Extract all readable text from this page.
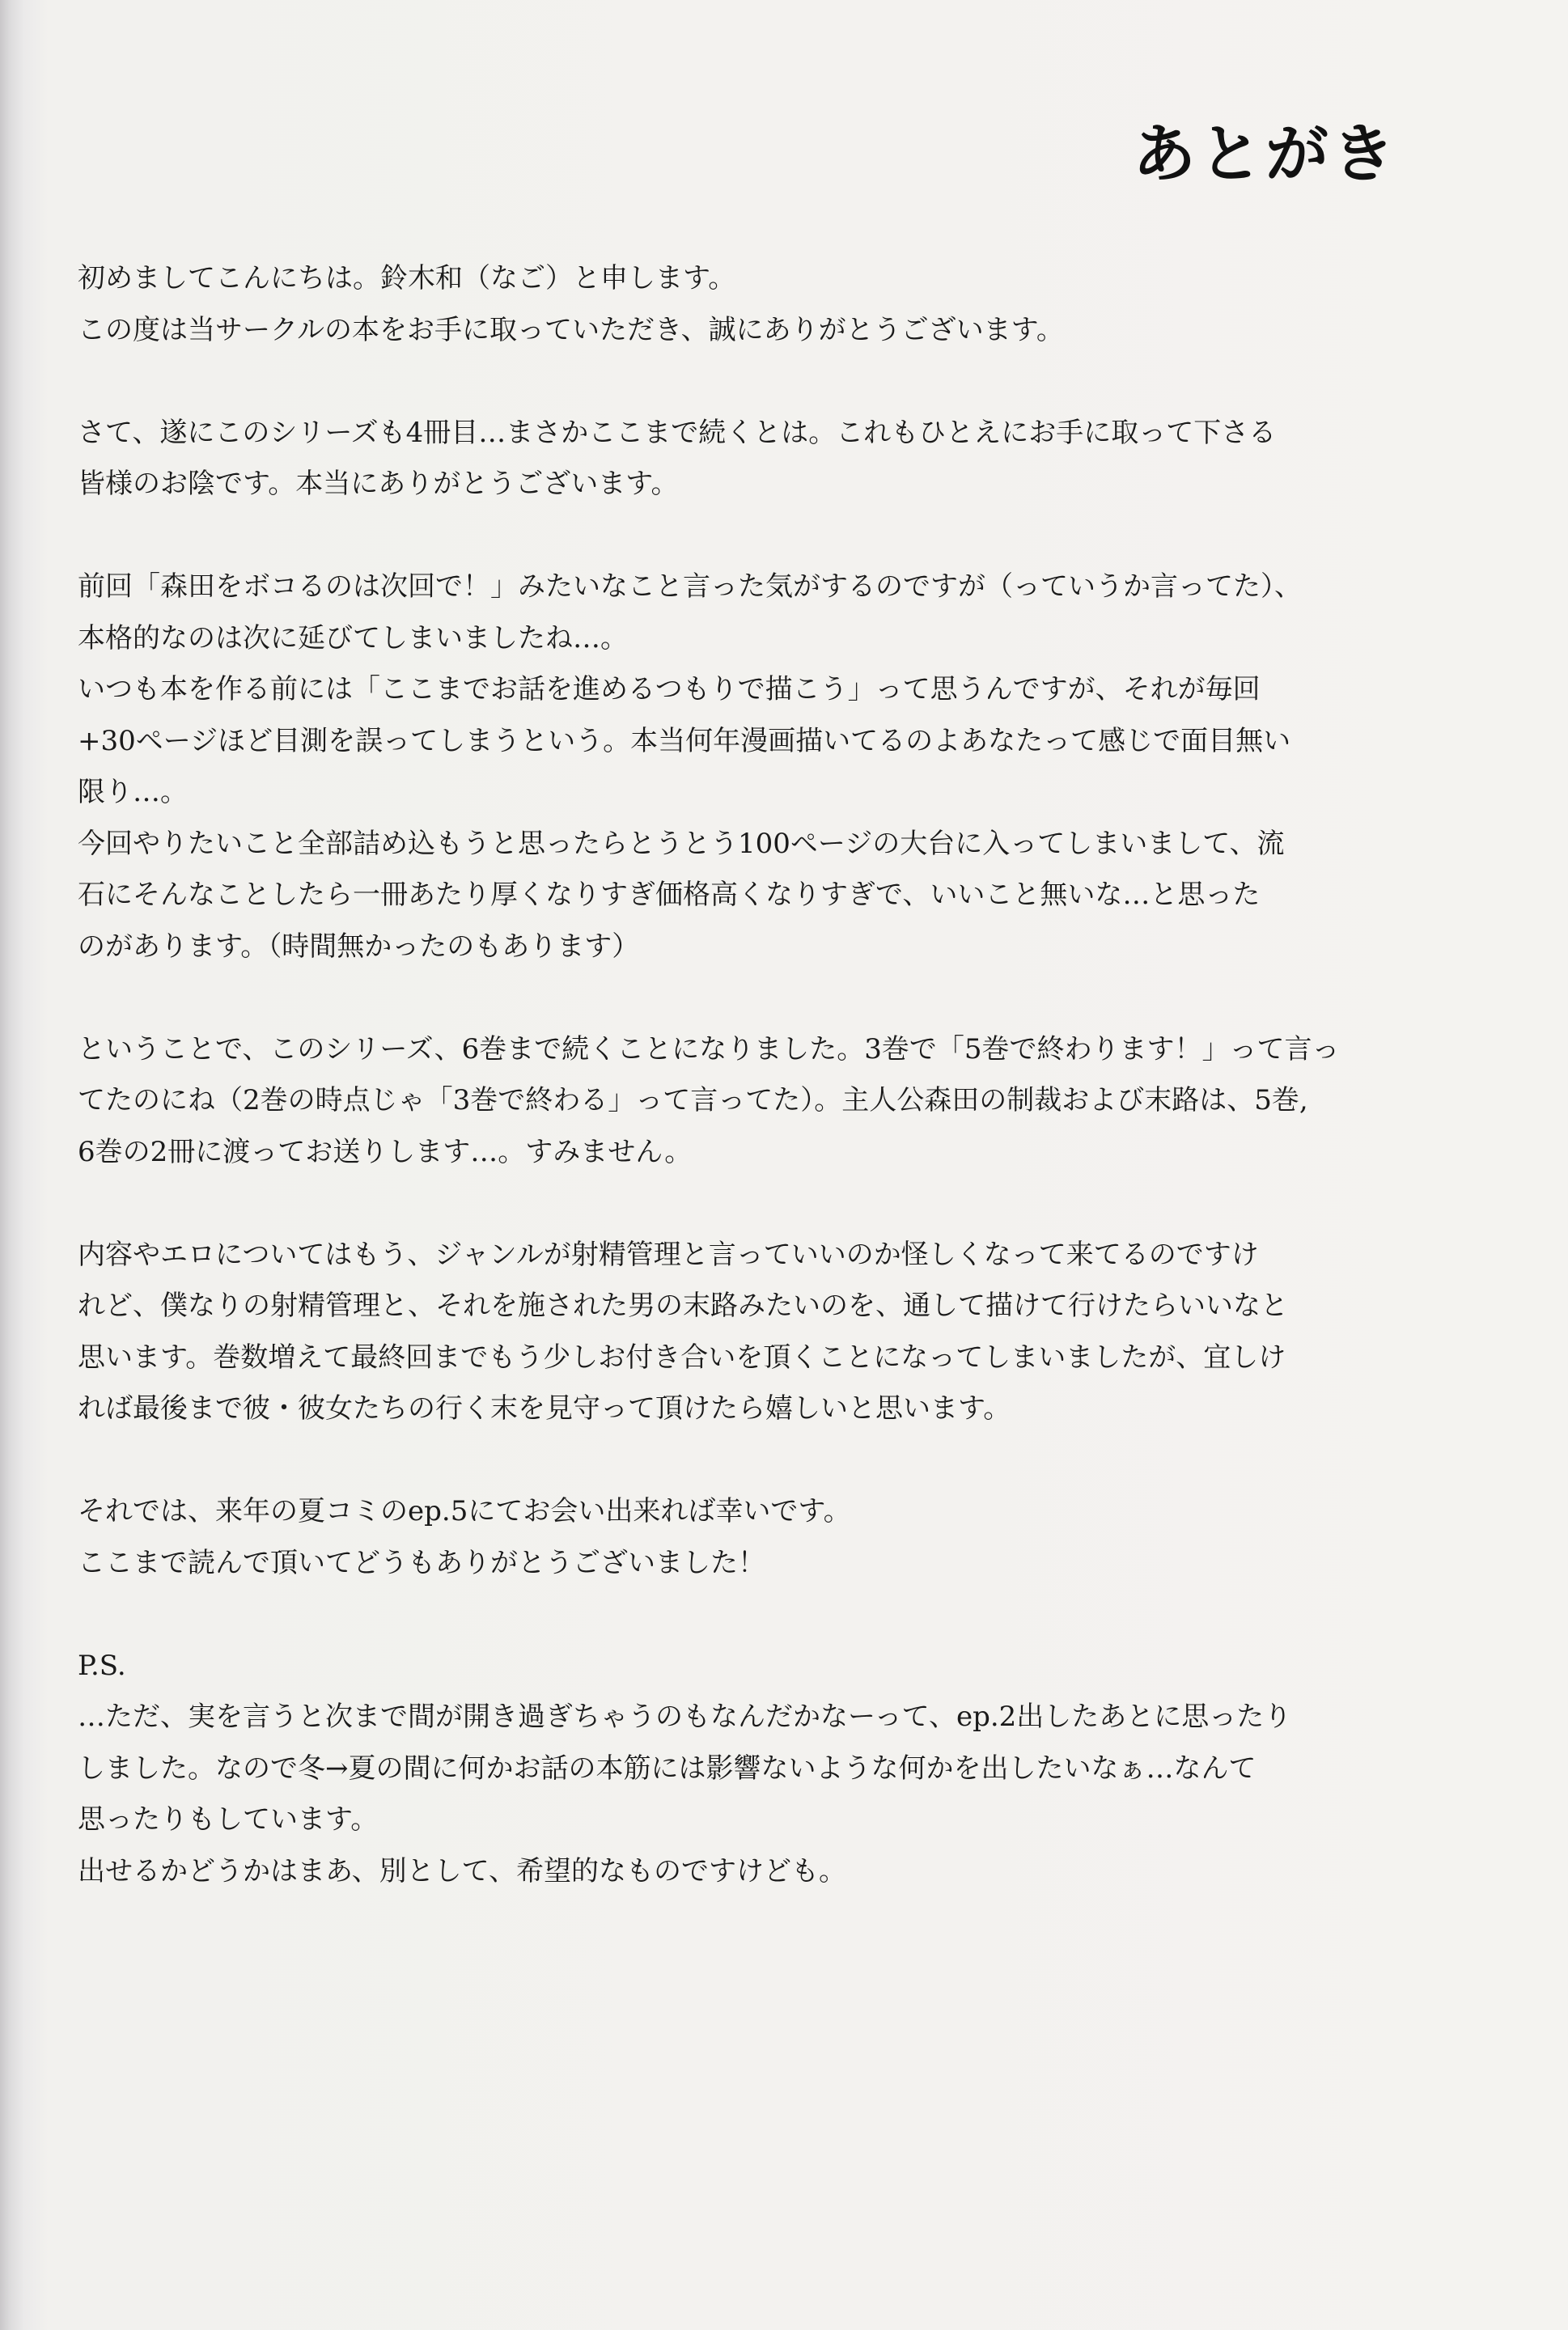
あとがき
初めましてこんにちは。鈴木和（なご）と申します。
この度は当サークルの本をお手に取っていただき、誠にありがとうございます。
さて、遂にこのシリーズも4冊目…まさかここまで続くとは。これもひとえにお手に取って下さる
皆様のお陰です。本当にありがとうございます。
前回「森田をボコるのは次回で！」みたいなこと言った気がするのですが（っていうか言ってた）、
本格的なのは次に延びてしまいましたね…。
いつも本を作る前には「ここまでお話を進めるつもりで描こう」って思うんですが、それが毎回
+30ページほど目測を誤ってしまうという。本当何年漫画描いてるのよあなたって感じで面目無い
限り…。
今回やりたいこと全部詰め込もうと思ったらとうとう100ページの大台に入ってしまいまして、流
石にそんなことしたら一冊あたり厚くなりすぎ価格高くなりすぎで、いいこと無いな…と思った
のがあります。（時間無かったのもあります）
ということで、このシリーズ、6巻まで続くことになりました。3巻で「5巻で終わります！」って言っ
てたのにね（2巻の時点じゃ「3巻で終わる」って言ってた）。主人公森田の制裁および末路は、5巻,
6巻の2冊に渡ってお送りします…。すみません。
内容やエロについてはもう、ジャンルが射精管理と言っていいのか怪しくなって来てるのですけ
れど、僕なりの射精管理と、それを施された男の末路みたいのを、通して描けて行けたらいいなと
思います。巻数増えて最終回までもう少しお付き合いを頂くことになってしまいましたが、宜しけ
れば最後まで彼・彼女たちの行く末を見守って頂けたら嬉しいと思います。
それでは、来年の夏コミのep.5にてお会い出来れば幸いです。
ここまで読んで頂いてどうもありがとうございました！
P.S.
…ただ、実を言うと次まで間が開き過ぎちゃうのもなんだかなーって、ep.2出したあとに思ったり
しました。なので冬→夏の間に何かお話の本筋には影響ないような何かを出したいなぁ…なんて
思ったりもしています。
出せるかどうかはまあ、別として、希望的なものですけども。
